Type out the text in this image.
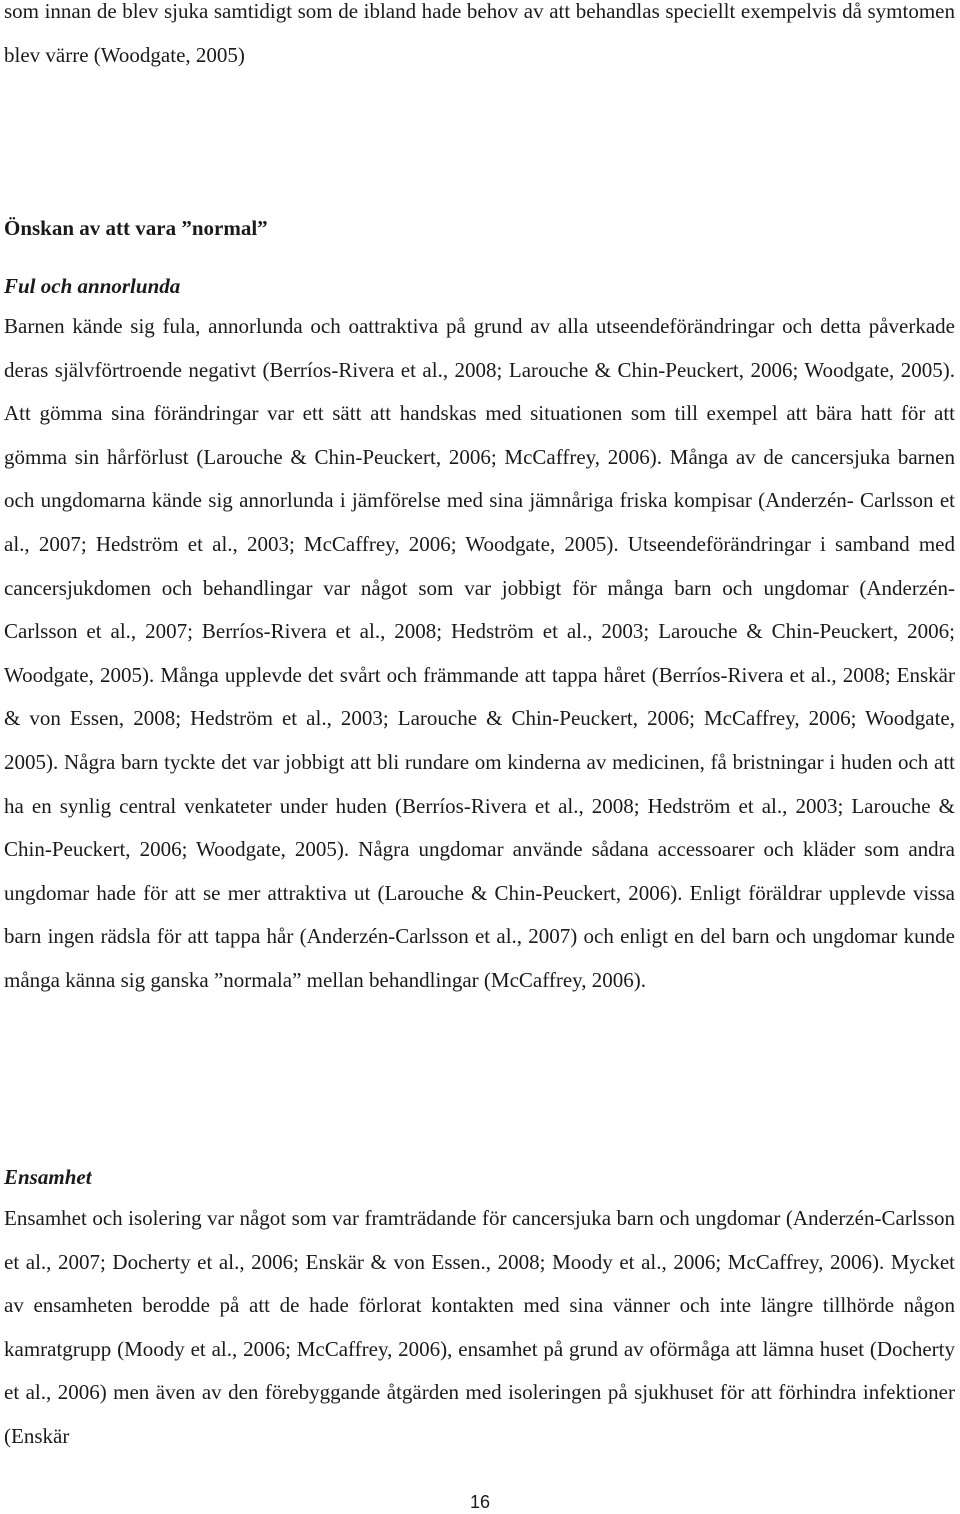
som innan de blev sjuka samtidigt som de ibland hade behov av att behandlas speciellt exempelvis då symtomen blev värre (Woodgate, 2005)

Önskan av att vara ”normal”
Ful och annorlunda

Barnen kände sig fula, annorlunda och oattraktiva på grund av alla utseendeförändringar och detta påverkade deras självförtroende negativt (Berríos-Rivera et al., 2008; Larouche & Chin-Peuckert, 2006; Woodgate, 2005). Att gömma sina förändringar var ett sätt att handskas med situationen som till exempel att bära hatt för att gömma sin hårförlust (Larouche & Chin-Peuckert, 2006; McCaffrey, 2006). Många av de cancersjuka barnen och ungdomarna kände sig annorlunda i jämförelse med sina jämnåriga friska kompisar (Anderzén- Carlsson et al., 2007; Hedström et al., 2003; McCaffrey, 2006; Woodgate, 2005). Utseendeförändringar i samband med cancersjukdomen och behandlingar var något som var jobbigt för många barn och ungdomar (Anderzén-Carlsson et al., 2007; Berríos-Rivera et al., 2008; Hedström et al., 2003; Larouche & Chin-Peuckert, 2006; Woodgate, 2005). Många upplevde det svårt och främmande att tappa håret (Berríos-Rivera et al., 2008; Enskär & von Essen, 2008; Hedström et al., 2003; Larouche & Chin-Peuckert, 2006; McCaffrey, 2006; Woodgate, 2005). Några barn tyckte det var jobbigt att bli rundare om kinderna av medicinen, få bristningar i huden och att ha en synlig central venkateter under huden (Berríos-Rivera et al., 2008; Hedström et al., 2003; Larouche & Chin-Peuckert, 2006; Woodgate, 2005). Några ungdomar använde sådana accessoarer och kläder som andra ungdomar hade för att se mer attraktiva ut (Larouche & Chin-Peuckert, 2006). Enligt föräldrar upplevde vissa barn ingen rädsla för att tappa hår (Anderzén-Carlsson et al., 2007) och enligt en del barn och ungdomar kunde många känna sig ganska ”normala” mellan behandlingar (McCaffrey, 2006).

Ensamhet

Ensamhet och isolering var något som var framträdande för cancersjuka barn och ungdomar (Anderzén-Carlsson et al., 2007; Docherty et al., 2006; Enskär & von Essen., 2008; Moody et al., 2006; McCaffrey, 2006). Mycket av ensamheten berodde på att de hade förlorat kontakten med sina vänner och inte längre tillhörde någon kamratgrupp (Moody et al., 2006; McCaffrey, 2006), ensamhet på grund av oförmåga att lämna huset (Docherty et al., 2006) men även av den förebyggande åtgärden med isoleringen på sjukhuset för att förhindra infektioner (Enskär

16
